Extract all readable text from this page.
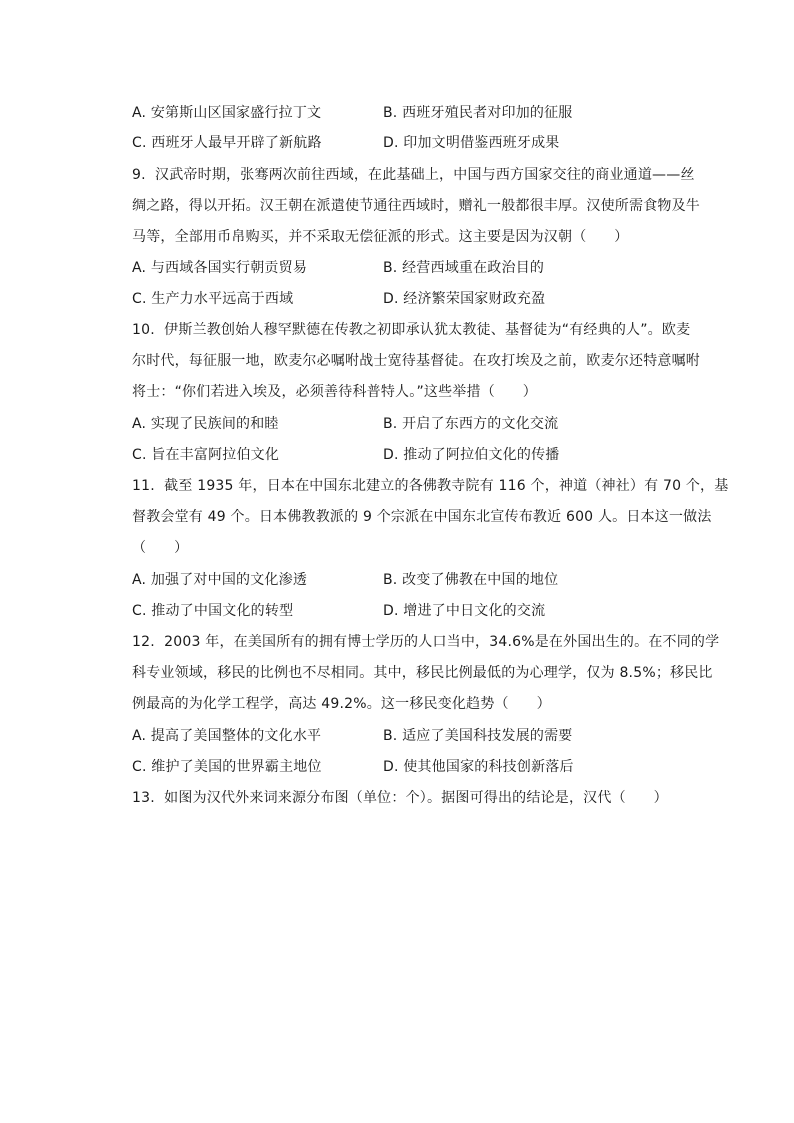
A. 安第斯山区国家盛行拉丁文	B. 西班牙殖民者对印加的征服
C. 西班牙人最早开辟了新航路	D. 印加文明借鉴西班牙成果
9.  汉武帝时期，张骞两次前往西域，在此基础上，中国与西方国家交往的商业通道——丝
绸之路，得以开拓。汉王朝在派遣使节通往西域时，赠礼一般都很丰厚。汉使所需食物及牛
马等，全部用币帛购买，并不采取无偿征派的形式。这主要是因为汉朝（      ）
A. 与西域各国实行朝贡贸易	B. 经营西域重在政治目的
C. 生产力水平远高于西域	D. 经济繁荣国家财政充盈
10.  伊斯兰教创始人穆罕默德在传教之初即承认犹太教徒、基督徒为“有经典的人”。欧麦
尔时代，每征服一地，欧麦尔必嘱咐战士宽待基督徒。在攻打埃及之前，欧麦尔还特意嘱咐
将士：“你们若进入埃及，必须善待科普特人。”这些举措（      ）
A. 实现了民族间的和睦	B. 开启了东西方的文化交流
C. 旨在丰富阿拉伯文化	D. 推动了阿拉伯文化的传播
11.  截至 1935 年，日本在中国东北建立的各佛教寺院有 116 个，神道（神社）有 70 个，基
督教会堂有 49 个。日本佛教教派的 9 个宗派在中国东北宣传布教近 600 人。日本这一做法
（      ）
A. 加强了对中国的文化渗透	B. 改变了佛教在中国的地位
C. 推动了中国文化的转型	D. 增进了中日文化的交流
12.  2003 年，在美国所有的拥有博士学历的人口当中，34.6%是在外国出生的。在不同的学
科专业领域，移民的比例也不尽相同。其中，移民比例最低的为心理学，仅为 8.5%；移民比
例最高的为化学工程学，高达 49.2%。这一移民变化趋势（      ）
A. 提高了美国整体的文化水平	B. 适应了美国科技发展的需要
C. 维护了美国的世界霸主地位	D. 使其他国家的科技创新落后
13.  如图为汉代外来词来源分布图（单位：个）。据图可得出的结论是，汉代（      ）
